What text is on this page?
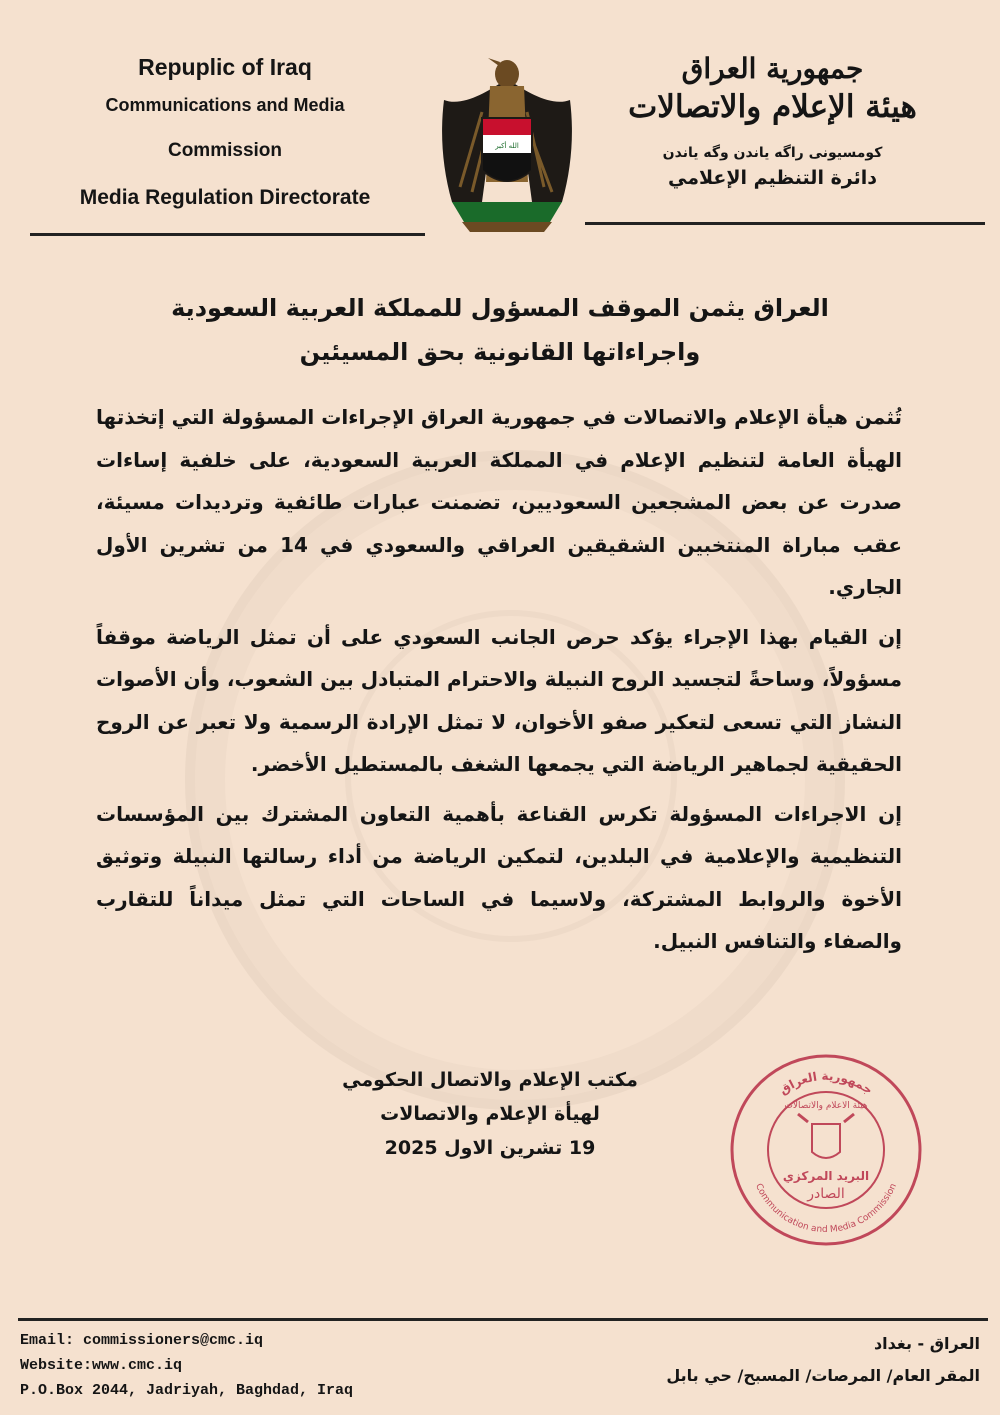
Repuplic of Iraq
Communications and Media
Commission
Media Regulation Directorate
الله أكبر
جمهورية العراق
هيئة الإعلام والاتصالات
كومسيونى راگه ياندن وگه ياندن
دائرة التنظيم الإعلامي
العراق يثمن الموقف المسؤول للمملكة العربية السعودية
واجراءاتها القانونية بحق المسيئين

تُثمن هيأة الإعلام والاتصالات في جمهورية العراق الإجراءات المسؤولة التي إتخذتها الهيأة العامة لتنظيم الإعلام في المملكة العربية السعودية، على خلفية إساءات صدرت عن بعض المشجعين السعوديين، تضمنت عبارات طائفية وترديدات مسيئة، عقب مباراة المنتخبين الشقيقين العراقي والسعودي في 14 من تشرين الأول الجاري.

إن القيام بهذا الإجراء يؤكد حرص الجانب السعودي على أن تمثل الرياضة موقفاً مسؤولاً، وساحةً لتجسيد الروح النبيلة والاحترام المتبادل بين الشعوب، وأن الأصوات النشاز التي تسعى لتعكير صفو الأخوان، لا تمثل الإرادة الرسمية ولا تعبر عن الروح الحقيقية لجماهير الرياضة التي يجمعها الشغف بالمستطيل الأخضر.

إن الاجراءات المسؤولة تكرس القناعة بأهمية التعاون المشترك بين المؤسسات التنظيمية والإعلامية في البلدين، لتمكين الرياضة من أداء رسالتها النبيلة وتوثيق الأخوة والروابط المشتركة، ولاسيما في الساحات التي تمثل ميداناً للتقارب والصفاء والتنافس النبيل.

مكتب الإعلام والاتصال الحكومي
لهيأة الإعلام والاتصالات
19 تشرين الاول 2025
جمهورية العراق
Communication and Media Commission
هيئة الاعلام والاتصالات
البريد المركزي
الصادر
Email: commissioners@cmc.iq
Website:www.cmc.iq
P.O.Box 2044, Jadriyah, Baghdad, Iraq
العراق - بغداد
المقر العام/ المرصات/ المسبح/ حي بابل
